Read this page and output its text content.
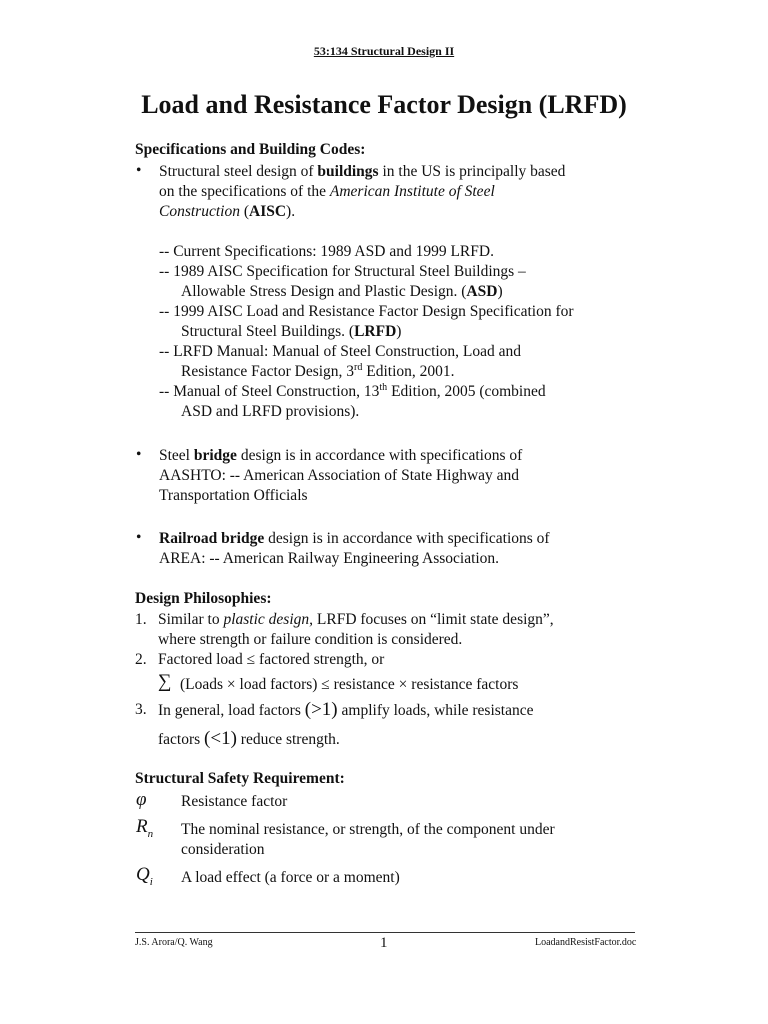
53:134 Structural Design II
Load and Resistance Factor Design (LRFD)
Specifications and Building Codes:
• Structural steel design of buildings in the US is principally based
on the specifications of the American Institute of Steel
Construction (AISC).
-- Current Specifications: 1989 ASD and 1999 LRFD.
-- 1989 AISC Specification for Structural Steel Buildings –
Allowable Stress Design and Plastic Design. (ASD)
-- 1999 AISC Load and Resistance Factor Design Specification for
Structural Steel Buildings. (LRFD)
-- LRFD Manual: Manual of Steel Construction, Load and
Resistance Factor Design, 3rd Edition, 2001.
-- Manual of Steel Construction, 13th Edition, 2005 (combined
ASD and LRFD provisions).
• Steel bridge design is in accordance with specifications of
AASHTO: -- American Association of State Highway and
Transportation Officials
• Railroad bridge design is in accordance with specifications of
AREA: -- American Railway Engineering Association.
Design Philosophies:
1. Similar to plastic design, LRFD focuses on “limit state design”,
where strength or failure condition is considered.
2. Factored load ≤ factored strength, or
∑ (Loads × load factors) ≤ resistance × resistance factors
3. In general, load factors (>1) amplify loads, while resistance
factors (<1) reduce strength.
Structural Safety Requirement:
φ Resistance factor
$R_n$ The nominal resistance, or strength, of the component under
consideration
$Q_i$ A load effect (a force or a moment)
J.S. Arora/Q. Wang	1	LoadandResistFactor.doc
